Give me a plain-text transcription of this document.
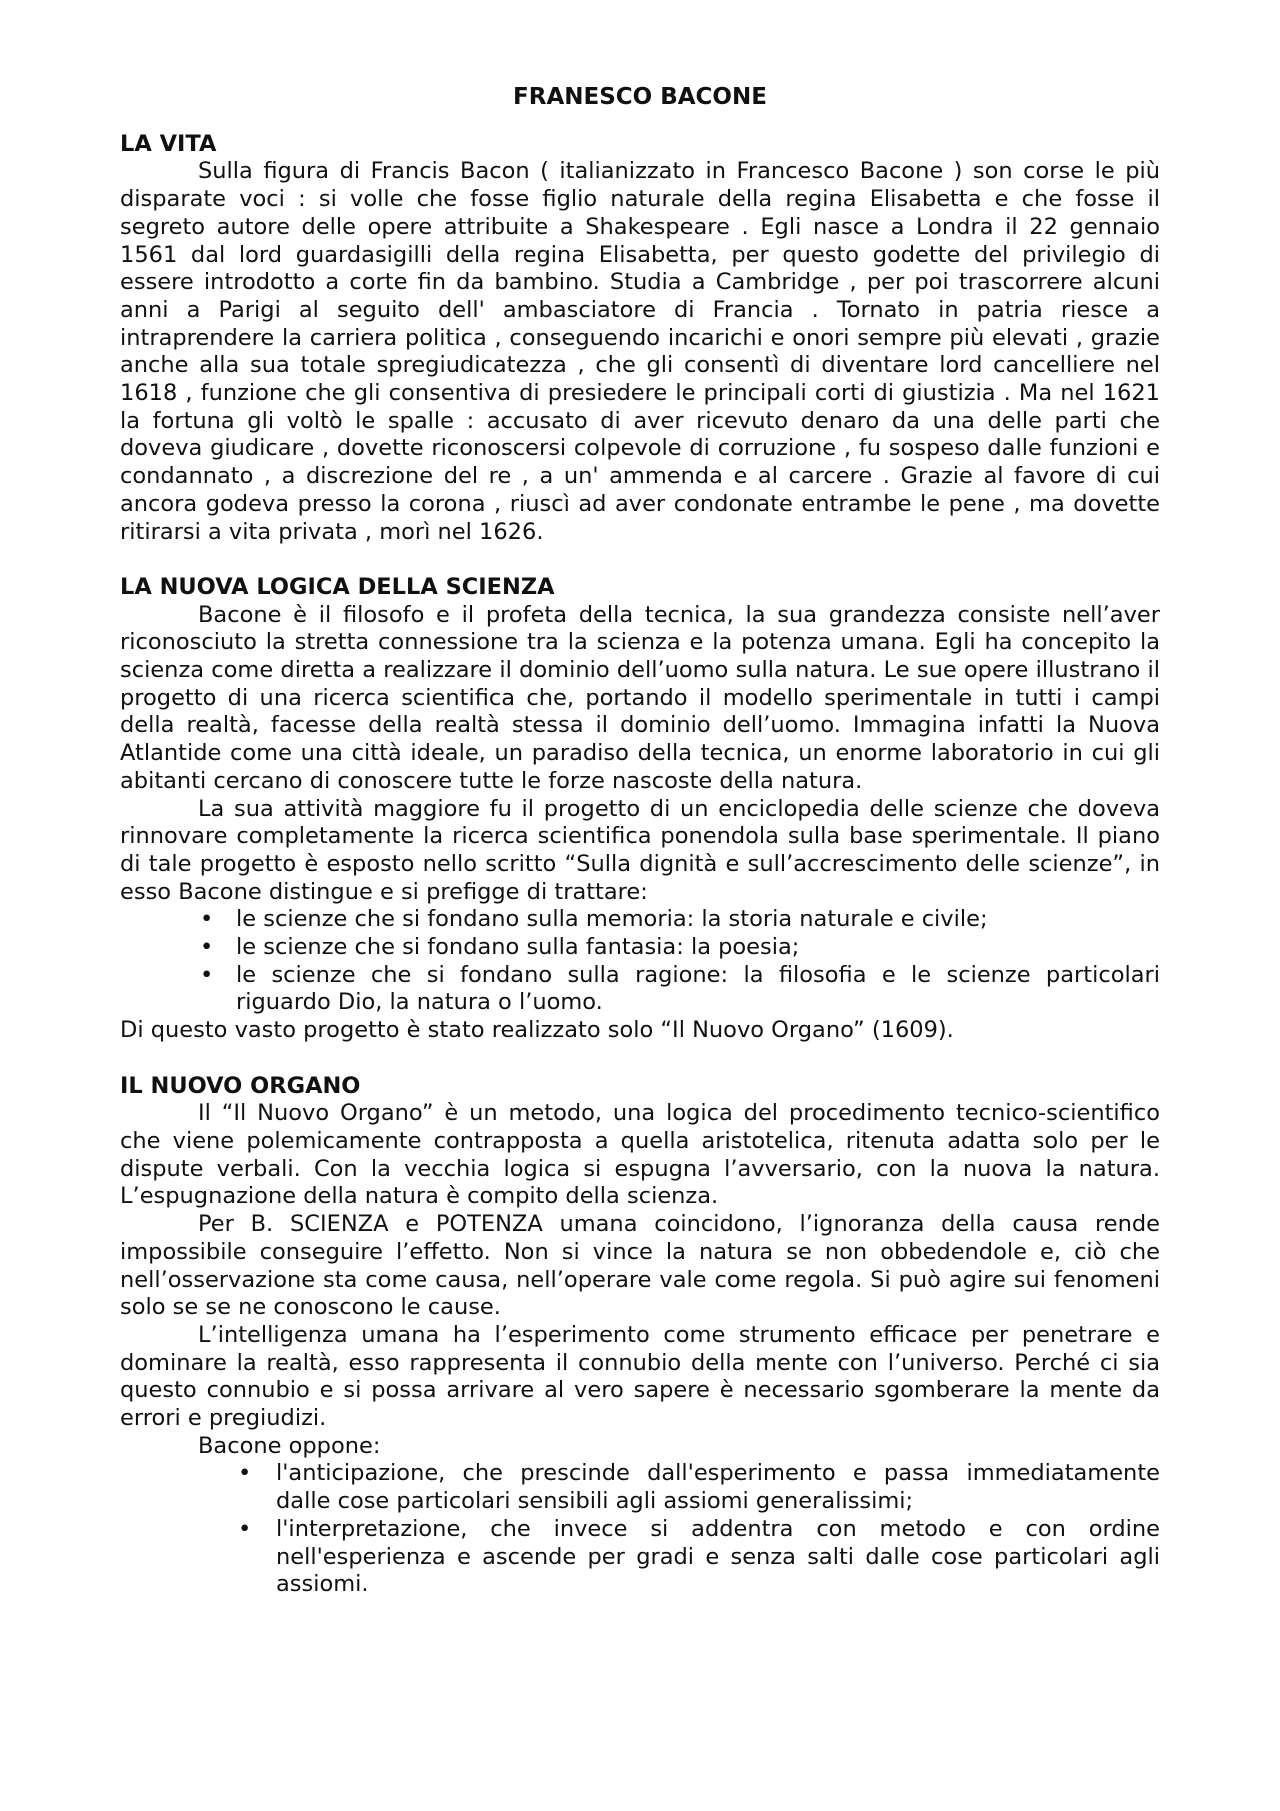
FRANESCO BACONE
LA VITA

Sulla figura di Francis Bacon ( italianizzato in Francesco Bacone ) son corse le più disparate voci : si volle che fosse figlio naturale della regina Elisabetta e che fosse il segreto autore delle opere attribuite a Shakespeare . Egli nasce a Londra il 22 gennaio 1561 dal lord guardasigilli della regina Elisabetta, per questo godette del privilegio di essere introdotto a corte fin da bambino. Studia a Cambridge , per poi trascorrere alcuni anni a Parigi al seguito dell' ambasciatore di Francia . Tornato in patria riesce a intraprendere la carriera politica , conseguendo incarichi e onori sempre più elevati , grazie anche alla sua totale spregiudicatezza , che gli consentì di diventare lord cancelliere nel 1618 , funzione che gli consentiva di presiedere le principali corti di giustizia . Ma nel 1621 la fortuna gli voltò le spalle : accusato di aver ricevuto denaro da una delle parti che doveva giudicare , dovette riconoscersi colpevole di corruzione , fu sospeso dalle funzioni e condannato , a discrezione del re , a un' ammenda e al carcere . Grazie al favore di cui ancora godeva presso la corona , riuscì ad aver condonate entrambe le pene , ma dovette ritirarsi a vita privata , morì nel 1626.

LA NUOVA LOGICA DELLA SCIENZA

Bacone è il filosofo e il profeta della tecnica, la sua grandezza consiste nell’aver riconosciuto la stretta connessione tra la scienza e la potenza umana. Egli ha concepito la scienza come diretta a realizzare il dominio dell’uomo sulla natura. Le sue opere illustrano il progetto di una ricerca scientifica che, portando il modello sperimentale in tutti i campi della realtà, facesse della realtà stessa il dominio dell’uomo. Immagina infatti la Nuova Atlantide come una città ideale, un paradiso della tecnica, un enorme laboratorio in cui gli abitanti cercano di conoscere tutte le forze nascoste della natura.

La sua attività maggiore fu il progetto di un enciclopedia delle scienze che doveva rinnovare completamente la ricerca scientifica ponendola sulla base sperimentale. Il piano di tale progetto è esposto nello scritto “Sulla dignità e sull’accrescimento delle scienze”, in esso Bacone distingue e si prefigge di trattare:

• le scienze che si fondano sulla memoria: la storia naturale e civile;
• le scienze che si fondano sulla fantasia: la poesia;
• le scienze che si fondano sulla ragione: la filosofia e le scienze particolari riguardo Dio, la natura o l’uomo.

Di questo vasto progetto è stato realizzato solo “Il Nuovo Organo” (1609).

IL NUOVO ORGANO

Il “Il Nuovo Organo” è un metodo, una logica del procedimento tecnico-scientifico che viene polemicamente contrapposta a quella aristotelica, ritenuta adatta solo per le dispute verbali. Con la vecchia logica si espugna l’avversario, con la nuova la natura. L’espugnazione della natura è compito della scienza.

Per B. SCIENZA e POTENZA umana coincidono, l’ignoranza della causa rende impossibile conseguire l’effetto. Non si vince la natura se non obbedendole e, ciò che nell’osservazione sta come causa, nell’operare vale come regola. Si può agire sui fenomeni solo se se ne conoscono le cause.

L’intelligenza umana ha l’esperimento come strumento efficace per penetrare e dominare la realtà, esso rappresenta il connubio della mente con l’universo. Perché ci sia questo connubio e si possa arrivare al vero sapere è necessario sgomberare la mente da errori e pregiudizi.

Bacone oppone:
• l'anticipazione, che prescinde dall'esperimento e passa immediatamente dalle cose particolari sensibili agli assiomi generalissimi;
• l'interpretazione, che invece si addentra con metodo e con ordine nell'esperienza e ascende per gradi e senza salti dalle cose particolari agli assiomi.
